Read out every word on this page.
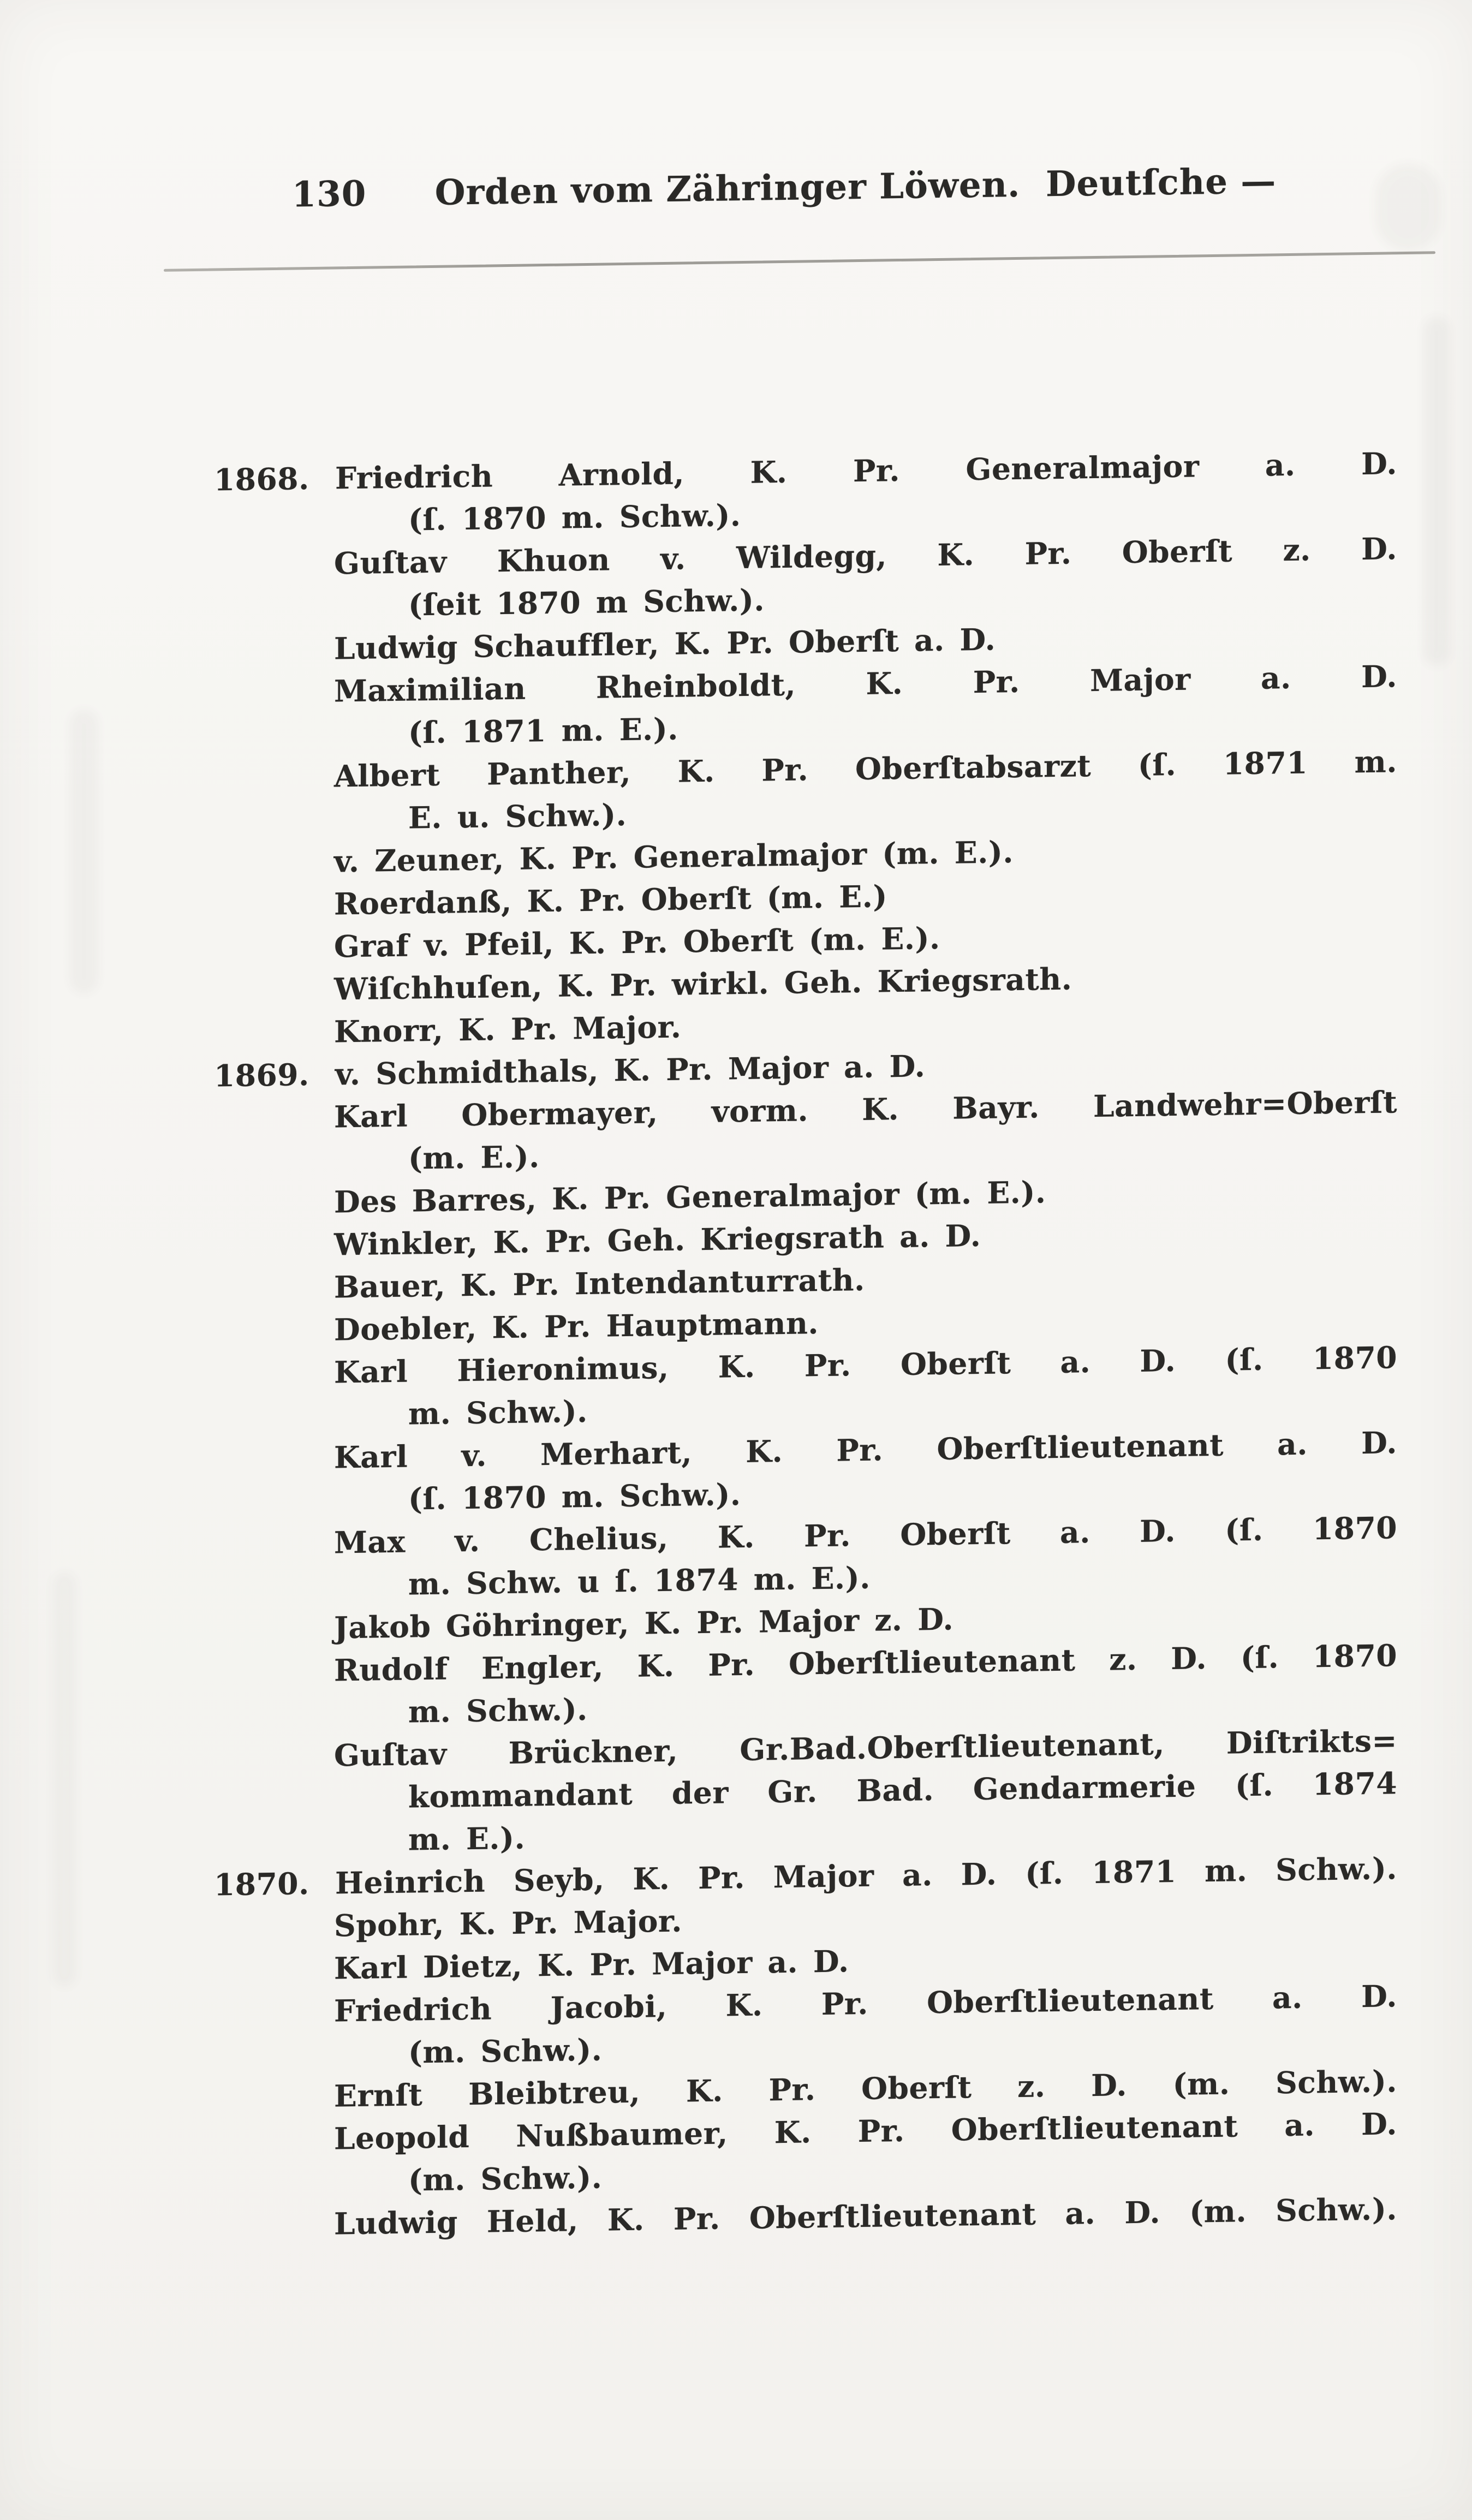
130 Orden vom Zähringer Löwen.  Deutſche —

1868. Friedrich Arnold, K. Pr. Generalmajor a. D.
(ſ. 1870 m. Schw.).
Guſtav Khuon v. Wildegg, K. Pr. Oberſt z. D.
(ſeit 1870 m Schw.).
Ludwig Schauffler, K. Pr. Oberſt a. D.
Maximilian Rheinboldt, K. Pr. Major a. D.
(ſ. 1871 m. E.).
Albert Panther, K. Pr. Oberſtabsarzt (ſ. 1871 m.
E. u. Schw.).
v. Zeuner, K. Pr. Generalmajor (m. E.).
Roerdanß, K. Pr. Oberſt (m. E.)
Graf v. Pfeil, K. Pr. Oberſt (m. E.).
Wiſchhuſen, K. Pr. wirkl. Geh. Kriegsrath.
Knorr, K. Pr. Major.
1869. v. Schmidthals, K. Pr. Major a. D.
Karl Obermayer, vorm. K. Bayr. Landwehr=Oberſt
(m. E.).
Des Barres, K. Pr. Generalmajor (m. E.).
Winkler, K. Pr. Geh. Kriegsrath a. D.
Bauer, K. Pr. Intendanturrath.
Doebler, K. Pr. Hauptmann.
Karl Hieronimus, K. Pr. Oberſt a. D. (ſ. 1870
m. Schw.).
Karl v. Merhart, K. Pr. Oberſtlieutenant a. D.
(ſ. 1870 m. Schw.).
Max v. Chelius, K. Pr. Oberſt a. D. (ſ. 1870
m. Schw. u ſ. 1874 m. E.).
Jakob Göhringer, K. Pr. Major z. D.
Rudolf Engler, K. Pr. Oberſtlieutenant z. D. (ſ. 1870
m. Schw.).
Guſtav Brückner, Gr.Bad.Oberſtlieutenant, Diſtrikts=
kommandant der Gr. Bad. Gendarmerie (ſ. 1874
m. E.).
1870. Heinrich Seyb, K. Pr. Major a. D. (ſ. 1871 m. Schw.).
Spohr, K. Pr. Major.
Karl Dietz, K. Pr. Major a. D.
Friedrich Jacobi, K. Pr. Oberſtlieutenant a. D.
(m. Schw.).
Ernſt Bleibtreu, K. Pr. Oberſt z. D. (m. Schw.).
Leopold Nußbaumer, K. Pr. Oberſtlieutenant a. D.
(m. Schw.).
Ludwig Held, K. Pr. Oberſtlieutenant a. D. (m. Schw.).
